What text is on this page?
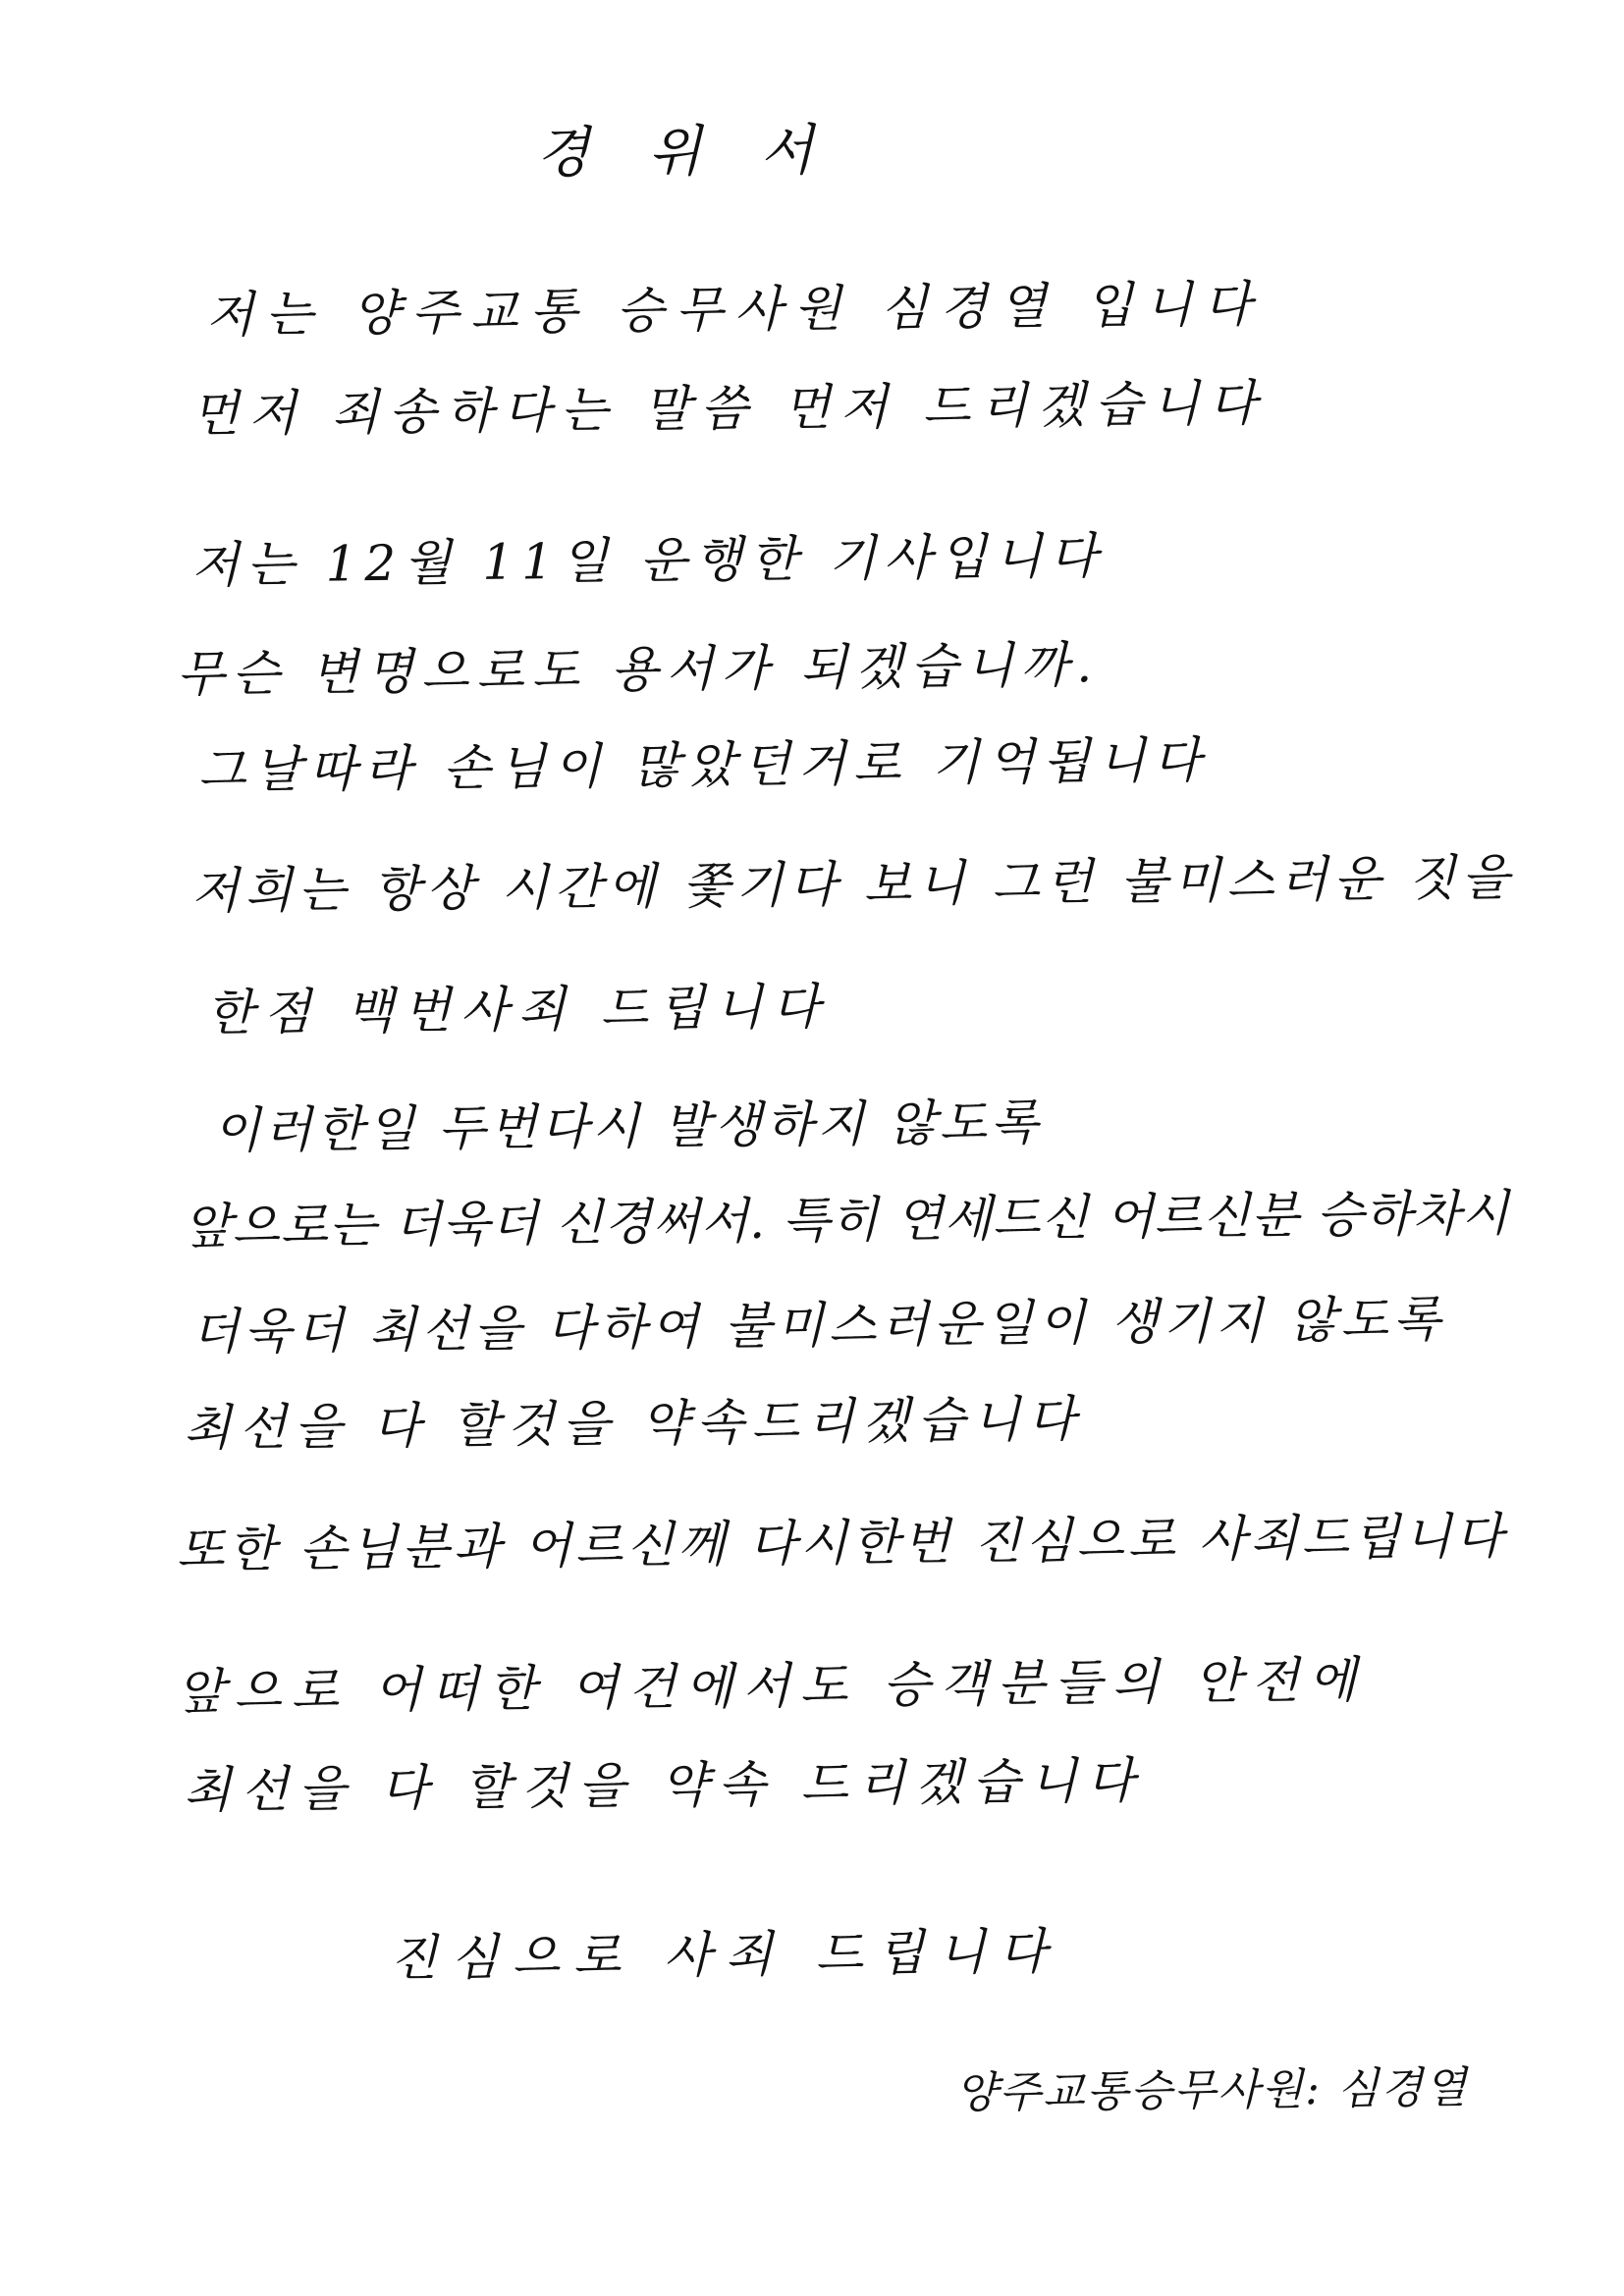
경위서
저는 양주교통 승무사원 심경열 입니다
먼저 죄송하다는 말씀 먼저 드리겠습니다
저는 12월 11일 운행한 기사입니다
무슨 변명으로도 용서가 되겠습니까.
그날따라 손님이 많았던거로 기억됩니다
저희는 항상 시간에 쫓기다 보니 그런 불미스러운 짓을
한점 백번사죄 드립니다
이러한일 두번다시 발생하지 않도록
앞으로는 더욱더 신경써서. 특히 연세드신 어르신분 승하차시
더욱더 최선을 다하여 불미스러운일이 생기지 않도록
최선을 다 할것을 약속드리겠습니다
또한 손님분과 어르신께 다시한번 진심으로 사죄드립니다
앞으로 어떠한 여건에서도 승객분들의 안전에
최선을 다 할것을 약속 드리겠습니다
진심으로 사죄 드립니다
양주교통승무사원: 심경열
